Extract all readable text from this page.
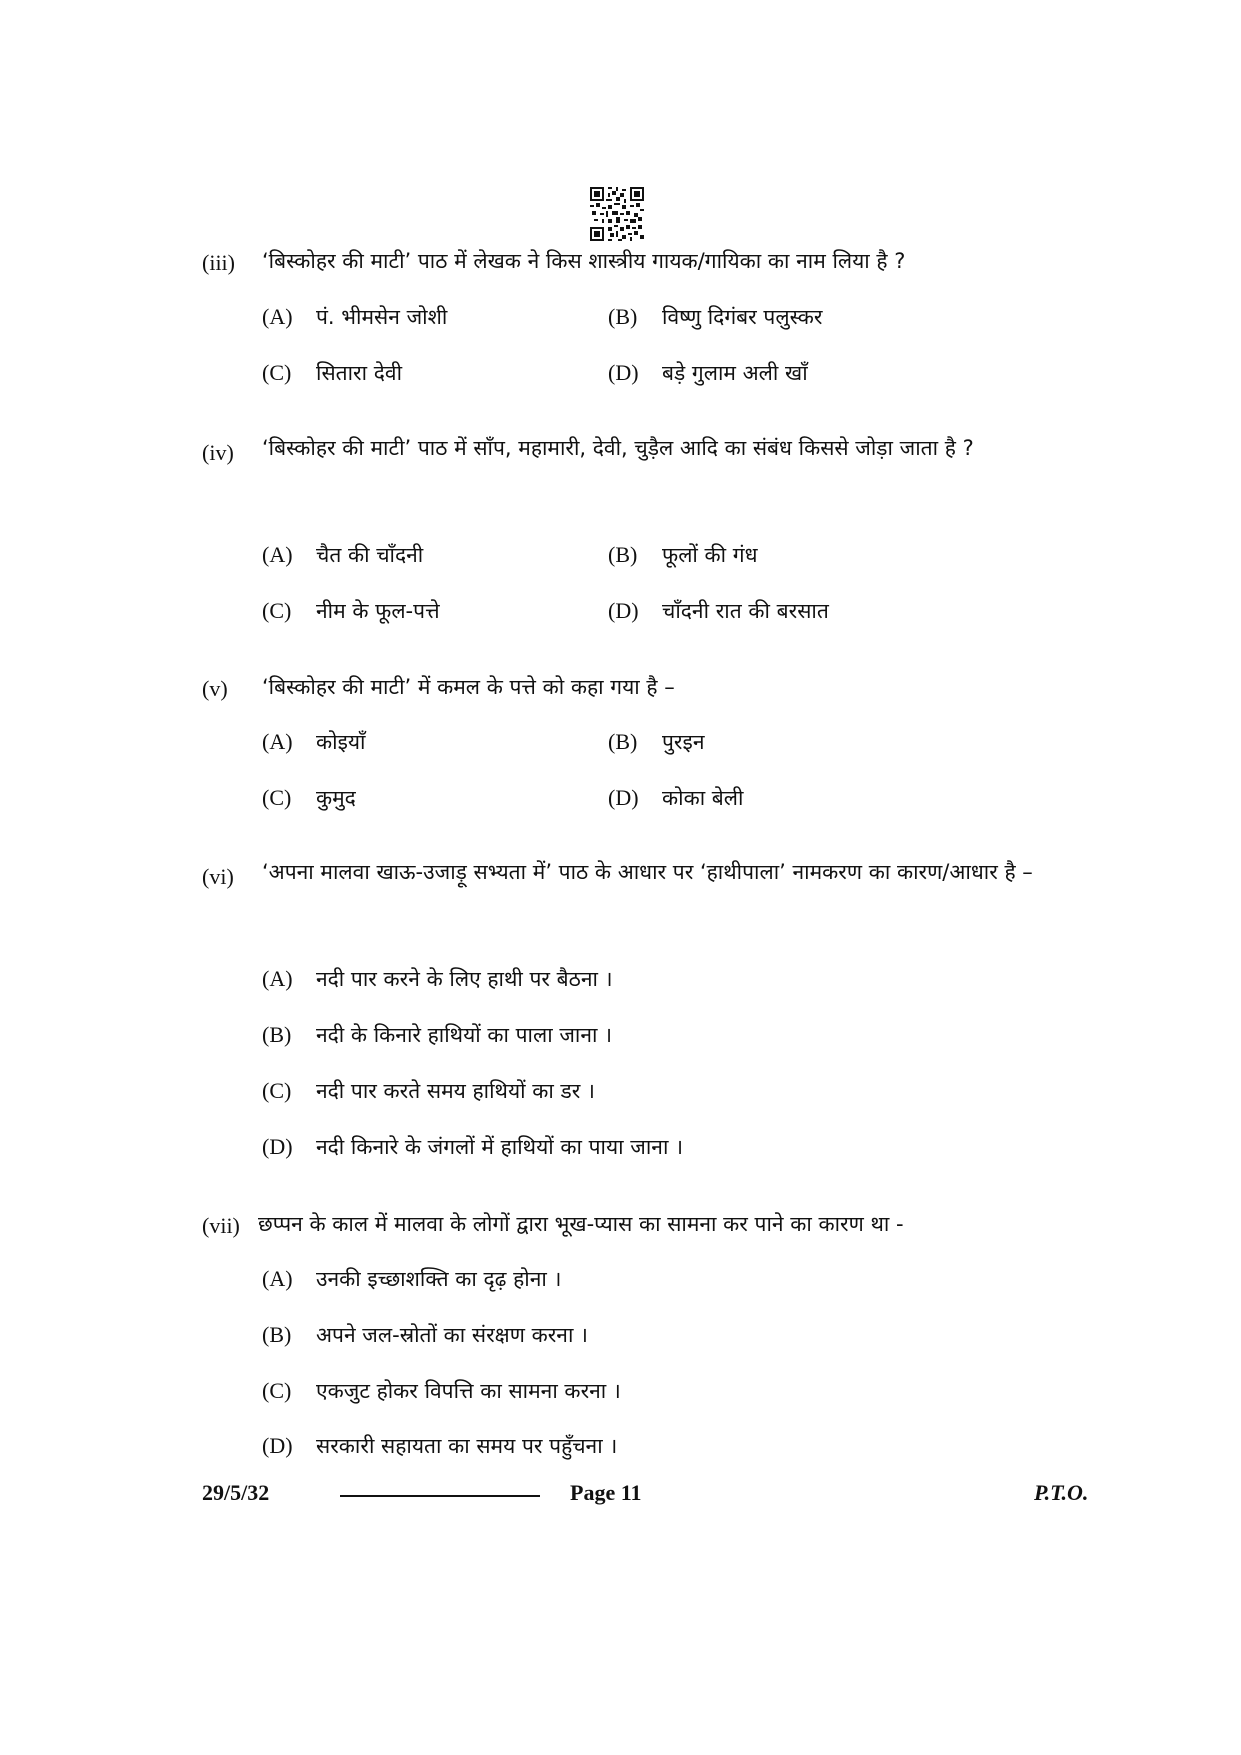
(iii) ‘बिस्कोहर की माटी’ पाठ में लेखक ने किस शास्त्रीय गायक/गायिका का नाम लिया है ?
(A) पं. भीमसेन जोशी	(B) विष्णु दिगंबर पलुस्कर
(C) सितारा देवी	(D) बड़े गुलाम अली खाँ
(iv) ‘बिस्कोहर की माटी’ पाठ में साँप, महामारी, देवी, चुड़ैल आदि का संबंध किससे जोड़ा जाता है ?
(A) चैत की चाँदनी	(B) फूलों की गंध
(C) नीम के फूल-पत्ते	(D) चाँदनी रात की बरसात
(v) ‘बिस्कोहर की माटी’ में कमल के पत्ते को कहा गया है –
(A) कोइयाँ	(B) पुरइन
(C) कुमुद	(D) कोका बेली
(vi) ‘अपना मालवा खाऊ-उजाड़ू सभ्यता में’ पाठ के आधार पर ‘हाथीपाला’ नामकरण का कारण/आधार है –
(A) नदी पार करने के लिए हाथी पर बैठना ।
(B) नदी के किनारे हाथियों का पाला जाना ।
(C) नदी पार करते समय हाथियों का डर ।
(D) नदी किनारे के जंगलों में हाथियों का पाया जाना ।
(vii) छप्पन के काल में मालवा के लोगों द्वारा भूख-प्यास का सामना कर पाने का कारण था -
(A) उनकी इच्छाशक्ति का दृढ़ होना ।
(B) अपने जल-स्रोतों का संरक्षण करना ।
(C) एकजुट होकर विपत्ति का सामना करना ।
(D) सरकारी सहायता का समय पर पहुँचना ।
29/5/32	Page 11	P.T.O.
